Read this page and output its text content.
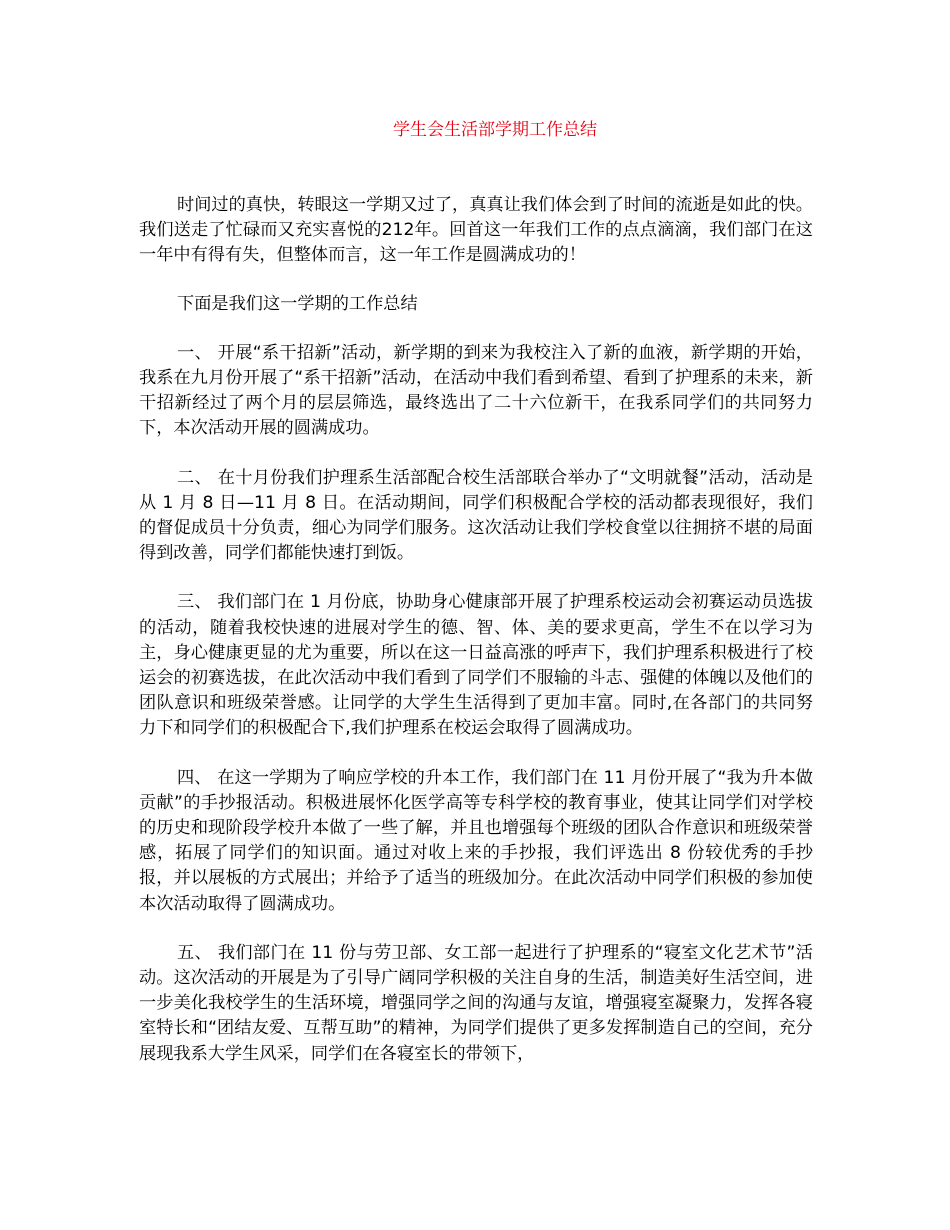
学生会生活部学期工作总结

时间过的真快，转眼这一学期又过了，真真让我们体会到了时间的流逝是如此的快。我们送走了忙碌而又充实喜悦的212年。回首这一年我们工作的点点滴滴，我们部门在这一年中有得有失，但整体而言，这一年工作是圆满成功的！

下面是我们这一学期的工作总结

一、 开展“系干招新”活动，新学期的到来为我校注入了新的血液，新学期的开始，我系在九月份开展了“系干招新”活动，在活动中我们看到希望、看到了护理系的未来，新干招新经过了两个月的层层筛选，最终选出了二十六位新干，在我系同学们的共同努力下，本次活动开展的圆满成功。

二、 在十月份我们护理系生活部配合校生活部联合举办了“文明就餐”活动，活动是从 1 月 8 日—11 月 8 日。在活动期间，同学们积极配合学校的活动都表现很好，我们的督促成员十分负责，细心为同学们服务。这次活动让我们学校食堂以往拥挤不堪的局面得到改善，同学们都能快速打到饭。

三、 我们部门在 1 月份底，协助身心健康部开展了护理系校运动会初赛运动员选拔的活动，随着我校快速的进展对学生的德、智、体、美的要求更高，学生不在以学习为主，身心健康更显的尤为重要，所以在这一日益高涨的呼声下，我们护理系积极进行了校运会的初赛选拔，在此次活动中我们看到了同学们不服输的斗志、强健的体魄以及他们的团队意识和班级荣誉感。让同学的大学生生活得到了更加丰富。同时,在各部门的共同努力下和同学们的积极配合下,我们护理系在校运会取得了圆满成功。

四、 在这一学期为了响应学校的升本工作，我们部门在 11 月份开展了“我为升本做贡献”的手抄报活动。积极进展怀化医学高等专科学校的教育事业，使其让同学们对学校的历史和现阶段学校升本做了一些了解，并且也增强每个班级的团队合作意识和班级荣誉感，拓展了同学们的知识面。通过对收上来的手抄报，我们评选出 8 份较优秀的手抄报，并以展板的方式展出；并给予了适当的班级加分。在此次活动中同学们积极的参加使本次活动取得了圆满成功。

五、 我们部门在 11 份与劳卫部、女工部一起进行了护理系的“寝室文化艺术节”活动。这次活动的开展是为了引导广阔同学积极的关注自身的生活，制造美好生活空间，进一步美化我校学生的生活环境，增强同学之间的沟通与友谊，增强寝室凝聚力，发挥各寝室特长和“团结友爱、互帮互助”的精神，为同学们提供了更多发挥制造自己的空间，充分展现我系大学生风采，同学们在各寝室长的带领下，
